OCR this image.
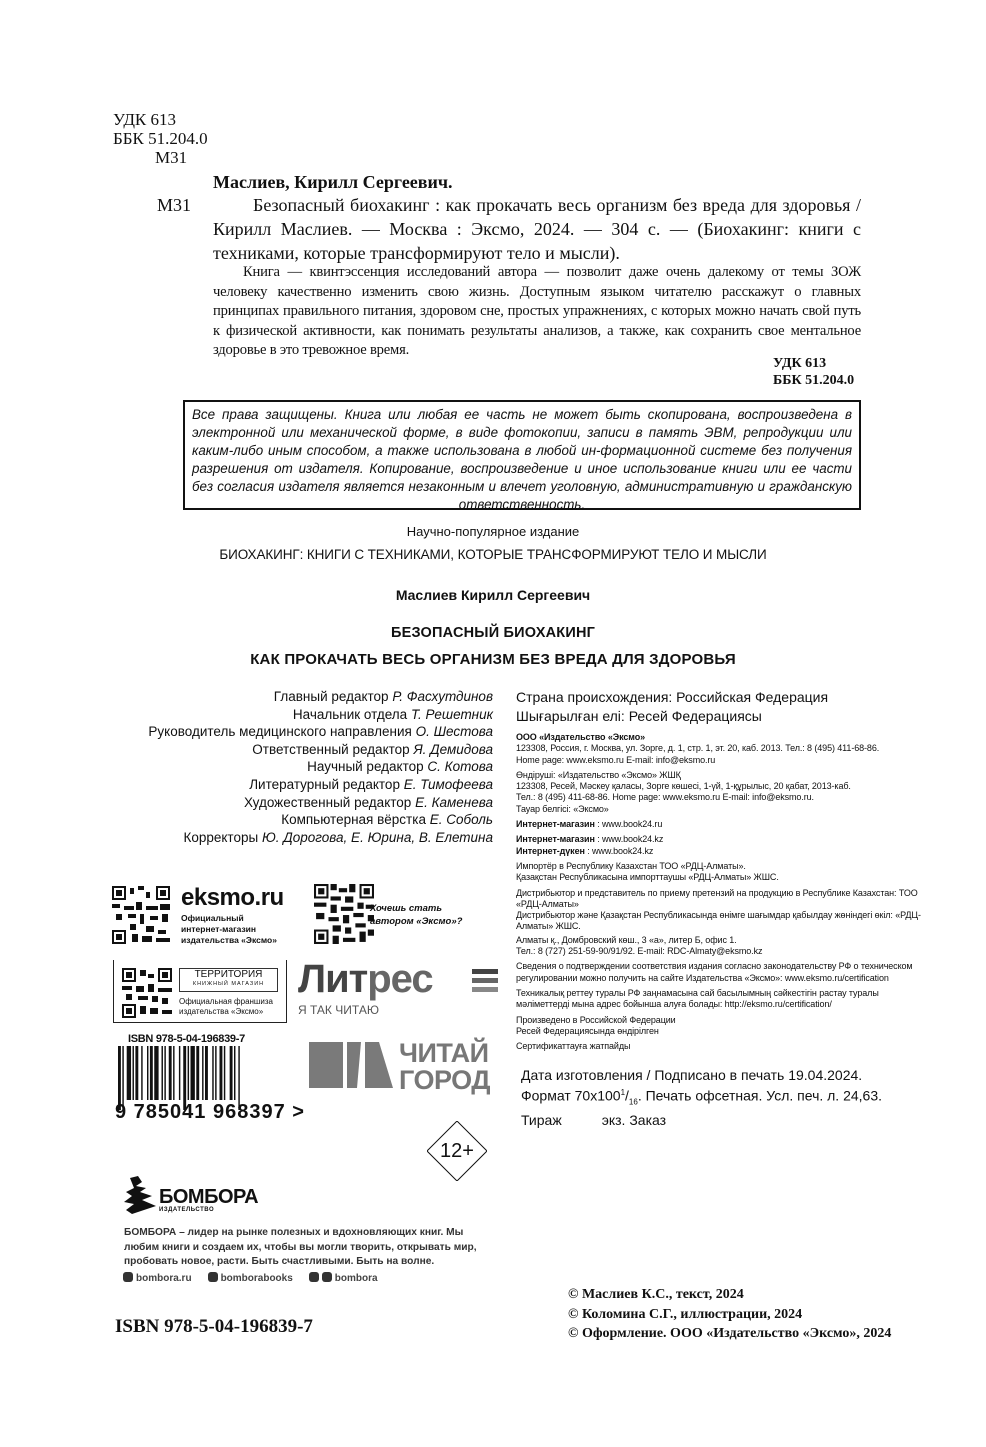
УДК 613
ББК 51.204.0
М31
Маслиев, Кирилл Сергеевич.
М31	Безопасный биохакинг : как прокачать весь организм без вреда для здоровья / Кирилл Маслиев. — Москва : Эксмо, 2024. — 304 с. — (Биохакинг: книги с техниками, которые трансформируют тело и мысли).
Книга — квинтэссенция исследований автора — позволит даже очень далекому от темы ЗОЖ человеку качественно изменить свою жизнь. Доступным языком читателю расскажут о главных принципах правильного питания, здоровом сне, простых упражнениях, с которых можно начать свой путь к физической активности, как понимать результаты анализов, а также, как сохранить свое ментальное здоровье в это тревожное время.
УДК 613
ББК 51.204.0
Все права защищены. Книга или любая ее часть не может быть скопирована, воспроизведена в электронной или механической форме, в виде фотокопии, записи в память ЭВМ, репродукции или каким-либо иным способом, а также использована в любой ин-формационной системе без получения разрешения от издателя. Копирование, воспроизведение и иное использование книги или ее части без согласия издателя является незаконным и влечет уголовную, административную и гражданскую ответственность.
Научно-популярное издание
БИОХАКИНГ: КНИГИ С ТЕХНИКАМИ, КОТОРЫЕ ТРАНСФОРМИРУЮТ ТЕЛО И МЫСЛИ
Маслиев Кирилл Сергеевич
БЕЗОПАСНЫЙ БИОХАКИНГ
КАК ПРОКАЧАТЬ ВЕСЬ ОРГАНИЗМ БЕЗ ВРЕДА ДЛЯ ЗДОРОВЬЯ
Главный редактор Р. Фасхутдинов
Начальник отдела Т. Решетник
Руководитель медицинского направления О. Шестова
Ответственный редактор Я. Демидова
Научный редактор С. Котова
Литературный редактор Е. Тимофеева
Художественный редактор Е. Каменева
Компьютерная вёрстка Е. Соболь
Корректоры Ю. Дорогова, Е. Юрина, В. Елетина
Страна происхождения: Российская Федерация
Шығарылған елі: Ресей Федерациясы

ООО «Издательство «Эксмо»
123308, Россия, г. Москва, ул. Зорге, д. 1, стр. 1, эт. 20, каб. 2013. Тел.: 8 (495) 411-68-86.
Home page: www.eksmo.ru E-mail: info@eksmo.ru

Өндіруші: «Издательство «Эксмо» ЖШҚ
123308, Ресей, Мәскеу қаласы, Зорге көшесі, 1-үй, 1-құрылыс, 20 қабат, 2013-каб.
Тел.: 8 (495) 411-68-86. Home page: www.eksmo.ru E-mail: info@eksmo.ru.
Тауар белгісі: «Эксмо»

Интернет-магазин : www.book24.ru

Интернет-магазин : www.book24.kz
Интернет-дүкен : www.book24.kz

Импортёр в Республику Казахстан ТОО «РДЦ-Алматы».
Қазақстан Республикасына импорттаушы «РДЦ-Алматы» ЖШС.

Дистрибьютор и представитель по приему претензий на продукцию в Республике Казахстан: ТОО «РДЦ-Алматы»
Дистрибьютор және Қазақстан Республикасында өнімге шағымдар қабылдау жөніндегі өкіл: «РДЦ-Алматы» ЖШС.

Алматы қ., Домбровский көш., 3 «а», литер Б, офис 1.
Тел.: 8 (727) 251-59-90/91/92. E-mail: RDC-Almaty@eksmo.kz

Сведения о подтверждении соответствия издания согласно законодательству РФ о техническом регулировании можно получить на сайте Издательства «Эксмо»: www.eksmo.ru/certification

Техникалық реттеу туралы РФ заңнамасына сай басылымның сәйкестігін растау туралы мәліметтерді мына адрес бойынша алуға болады: http://eksmo.ru/certification/

Произведено в Российской Федерации
Ресей Федерациясында өндірілген

Сертификаттауға жатпайды

Дата изготовления / Подписано в печать 19.04.2024.
Формат $70x100^1/_{16}$. Печать офсетная. Усл. печ. л. 24,63.
Тираж	экз. Заказ
eksmo.ru
Официальный
интернет-магазин
издательства «Эксмо»
Хочешь стать
автором «Эксмо»?
ТЕРРИТОРИЯ
КНИЖНЫЙ МАГАЗИН
Официальная франшиза
издательства «Эксмо»
Литрес
Я ТАК ЧИТАЮ
ISBN 978-5-04-196839-7
9 785041 968397 >
ЧИТАЙ
ГОРОД
12+
БОМБОРА
ИЗДАТЕЛЬСТВО
БОМБОРА – лидер на рынке полезных и вдохновляющих книг. Мы любим книги и создаем их, чтобы вы могли творить, открывать мир, пробовать новое, расти. Быть счастливыми. Быть на волне.
bombora.ru	bomborabooks	bombora
ISBN 978-5-04-196839-7
© Маслиев К.С., текст, 2024
© Коломина С.Г., иллюстрации, 2024
© Оформление. ООО «Издательство «Эксмо», 2024
